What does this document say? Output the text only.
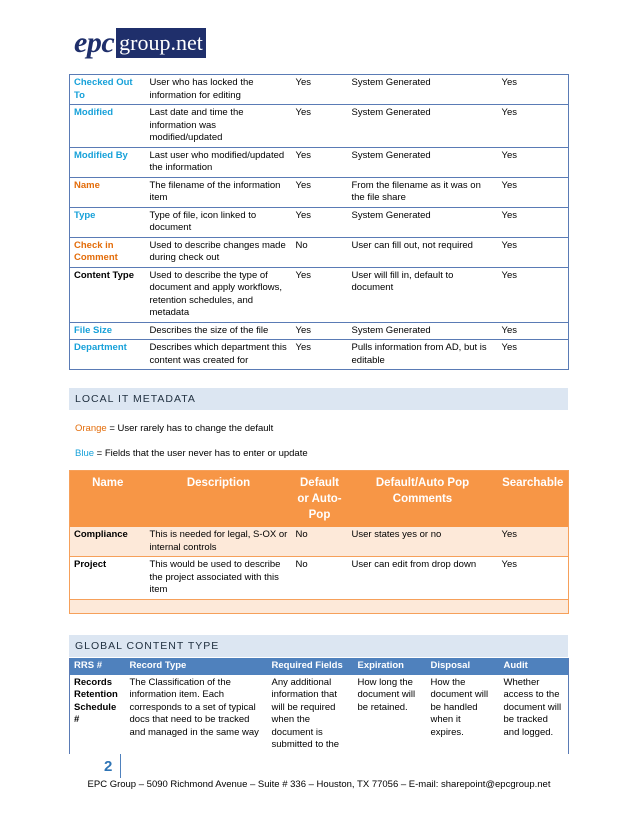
epc group.net
Checked Out To	User who has locked the information for editing	Yes	System Generated	Yes
Modified	Last date and time the information was modified/updated	Yes	System Generated	Yes
Modified By	Last user who modified/updated the information	Yes	System Generated	Yes
Name	The filename of the information item	Yes	From the filename as it was on the file share	Yes
Type	Type of file, icon linked to document	Yes	System Generated	Yes
Check in Comment	Used to describe changes made during check out	No	User can fill out, not required	Yes
Content Type	Used to describe the type of document and apply workflows, retention schedules, and metadata	Yes	User will fill in, default to document	Yes
File Size	Describes the size of the file	Yes	System Generated	Yes
Department	Describes which department this content was created for	Yes	Pulls information from AD, but is editable	Yes
LOCAL IT METADATA
Orange = User rarely has to change the default
Blue = Fields that the user never has to enter or update
Name	Description	Default or Auto-Pop	Default/Auto Pop Comments	Searchable
Compliance	This is needed for legal, S-OX or internal controls	No	User states yes or no	Yes
Project	This would be used to describe the project associated with this item	No	User can edit from drop down	Yes

GLOBAL CONTENT TYPE
RRS #	Record Type	Required Fields	Expiration	Disposal	Audit
Records Retention Schedule #	The Classification of the information item. Each corresponds to a set of typical docs that need to be tracked and managed in the same way	Any additional information that will be required when the document is submitted to the	How long the document will be retained.	How the document will be handled when it expires.	Whether access to the document will be tracked and logged.
2
EPC Group – 5090 Richmond Avenue – Suite # 336 – Houston, TX 77056 – E-mail: sharepoint@epcgroup.net
